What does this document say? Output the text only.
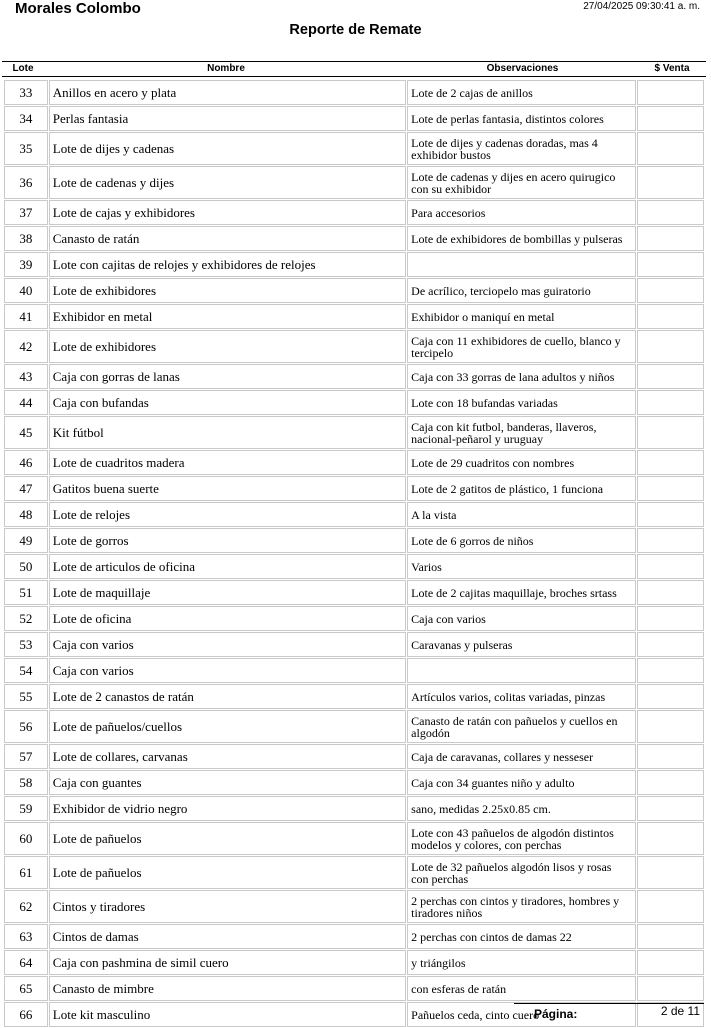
Morales Colombo	27/04/2025 09:30:41 a. m.
Reporte de Remate
Lote	Nombre	Observaciones	$ Venta
33	Anillos en acero y plata	Lote de 2 cajas de anillos	
34	Perlas fantasia	Lote de perlas fantasia, distintos colores	
35	Lote de dijes y cadenas	Lote de dijes y cadenas doradas, mas 4 exhibidor bustos	
36	Lote de cadenas y dijes	Lote de cadenas y dijes en acero quirugico con su exhibidor	
37	Lote de cajas y exhibidores	Para accesorios	
38	Canasto de ratán	Lote de exhibidores de bombillas y pulseras	
39	Lote con cajitas de relojes y exhibidores de relojes		
40	Lote de exhibidores	De acrílico, terciopelo mas guiratorio	
41	Exhibidor en metal	Exhibidor o maniquí en metal	
42	Lote de exhibidores	Caja con 11 exhibidores de cuello, blanco y tercipelo	
43	Caja con gorras de lanas	Caja con 33 gorras de lana adultos y niños	
44	Caja con bufandas	Lote con 18 bufandas variadas	
45	Kit fútbol	Caja con kit futbol, banderas, llaveros, nacional-peñarol y uruguay	
46	Lote de cuadritos madera	Lote de 29 cuadritos con nombres	
47	Gatitos buena suerte	Lote de 2 gatitos de plástico, 1 funciona	
48	Lote de relojes	A la vista	
49	Lote de gorros	Lote de 6 gorros de niños	
50	Lote de articulos de oficina	Varios	
51	Lote de maquillaje	Lote de 2 cajitas maquillaje, broches srtass	
52	Lote de oficina	Caja con varios	
53	Caja con varios	Caravanas y pulseras	
54	Caja con varios		
55	Lote de 2 canastos de ratán	Artículos varios, colitas variadas, pinzas	
56	Lote de pañuelos/cuellos	Canasto de ratán con pañuelos y cuellos en algodón	
57	Lote de collares, carvanas	Caja de caravanas, collares y nesseser	
58	Caja con guantes	Caja con 34 guantes niño y adulto	
59	Exhibidor de vidrio negro	sano, medidas 2.25x0.85 cm.	
60	Lote de pañuelos	Lote con 43 pañuelos de algodón distintos modelos y colores, con perchas	
61	Lote de pañuelos	Lote de 32 pañuelos algodón lisos y rosas con perchas	
62	Cintos y tiradores	2 perchas con cintos y tiradores, hombres y tiradores niños	
63	Cintos de damas	2 perchas con cintos de damas 22	
64	Caja con pashmina de simil cuero	y triángilos	
65	Canasto de mimbre	con esferas de ratán	
66	Lote kit masculino	Pañuelos ceda, cinto cuero	
Página:	2 de 11
